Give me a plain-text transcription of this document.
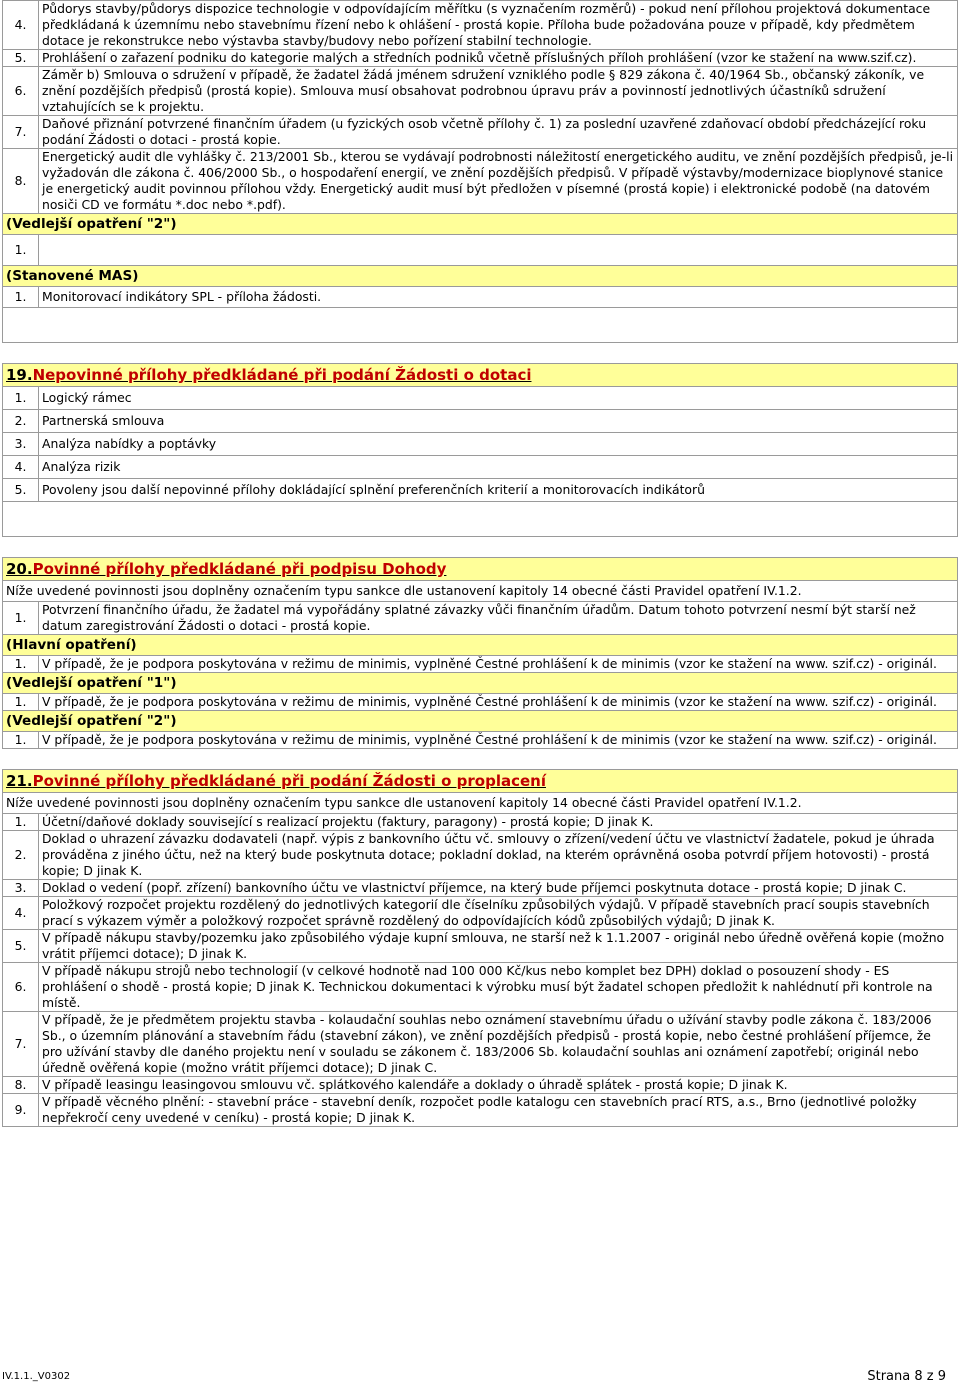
4.	Půdorys stavby/půdorys dispozice technologie v odpovídajícím měřítku (s vyznačením rozměrů) - pokud není přílohou projektová dokumentace předkládaná k územnímu nebo stavebnímu řízení nebo k ohlášení - prostá kopie. Příloha bude požadována pouze v případě, kdy předmětem dotace je rekonstrukce nebo výstavba stavby/budovy nebo pořízení stabilní technologie.
5.	Prohlášení o zařazení podniku do kategorie malých a středních podniků včetně příslušných příloh prohlášení (vzor ke stažení na www.szif.cz).
6.	Záměr b) Smlouva o sdružení v případě, že žadatel žádá jménem sdružení vzniklého podle § 829 zákona č. 40/1964 Sb., občanský zákoník, ve znění pozdějších předpisů (prostá kopie). Smlouva musí obsahovat podrobnou úpravu práv a povinností jednotlivých účastníků sdružení vztahujících se k projektu.
7.	Daňové přiznání potvrzené finančním úřadem (u fyzických osob včetně přílohy č. 1) za poslední uzavřené zdaňovací období předcházející roku podání Žádosti o dotaci - prostá kopie.
8.	Energetický audit dle vyhlášky č. 213/2001 Sb., kterou se vydávají podrobnosti náležitostí energetického auditu, ve znění pozdějších předpisů, je-li vyžadován dle zákona č. 406/2000 Sb., o hospodaření energií, ve znění pozdějších předpisů. V případě výstavby/modernizace bioplynové stanice je energetický audit povinnou přílohou vždy. Energetický audit musí být předložen v písemné (prostá kopie) i elektronické podobě (na datovém nosiči CD ve formátu *.doc nebo *.pdf).
(Vedlejší opatření "2")	
1.	
(Stanovené MAS)	
1.	Monitorovací indikátory SPL - příloha žádosti.

19.Nepovinné přílohy předkládané při podání Žádosti o dotaci	
1.	Logický rámec
2.	Partnerská smlouva
3.	Analýza nabídky a poptávky
4.	Analýza rizik
5.	Povoleny jsou další nepovinné přílohy dokládající splnění preferenčních kriterií a monitorovacích indikátorů

20.Povinné přílohy předkládané při podpisu Dohody	
Níže uvedené povinnosti jsou doplněny označením typu sankce dle ustanovení kapitoly 14 obecné části Pravidel opatření IV.1.2.	
1.	Potvrzení finančního úřadu, že žadatel má vypořádány splatné závazky vůči finančním úřadům. Datum tohoto potvrzení nesmí být starší než datum zaregistrování Žádosti o dotaci - prostá kopie.
(Hlavní opatření)	
1.	V případě, že je podpora poskytována v režimu de minimis, vyplněné Čestné prohlášení k de minimis (vzor ke stažení na www. szif.cz) - originál.
(Vedlejší opatření "1")	
1.	V případě, že je podpora poskytována v režimu de minimis, vyplněné Čestné prohlášení k de minimis (vzor ke stažení na www. szif.cz) - originál.
(Vedlejší opatření "2")	
1.	V případě, že je podpora poskytována v režimu de minimis, vyplněné Čestné prohlášení k de minimis (vzor ke stažení na www. szif.cz) - originál.
21.Povinné přílohy předkládané při podání Žádosti o proplacení	
Níže uvedené povinnosti jsou doplněny označením typu sankce dle ustanovení kapitoly 14 obecné části Pravidel opatření IV.1.2.	
1.	Účetní/daňové doklady související s realizací projektu (faktury, paragony) - prostá kopie; D jinak K.
2.	Doklad o uhrazení závazku dodavateli (např. výpis z bankovního účtu vč. smlouvy o zřízení/vedení účtu ve vlastnictví žadatele, pokud je úhrada prováděna z jiného účtu, než na který bude poskytnuta dotace; pokladní doklad, na kterém oprávněná osoba potvrdí příjem hotovosti) - prostá kopie; D jinak K.
3.	Doklad o vedení (popř. zřízení) bankovního účtu ve vlastnictví příjemce, na který bude příjemci poskytnuta dotace - prostá kopie; D jinak C.
4.	Položkový rozpočet projektu rozdělený do jednotlivých kategorií dle číselníku způsobilých výdajů. V případě stavebních prací soupis stavebních prací s výkazem výměr a položkový rozpočet správně rozdělený do odpovídajících kódů způsobilých výdajů; D jinak K.
5.	V případě nákupu stavby/pozemku jako způsobilého výdaje kupní smlouva, ne starší než k 1.1.2007 - originál nebo úředně ověřená kopie (možno vrátit příjemci dotace); D jinak K.
6.	V případě nákupu strojů nebo technologií (v celkové hodnotě nad 100 000 Kč/kus nebo komplet bez DPH) doklad o posouzení shody - ES prohlášení o shodě - prostá kopie; D jinak K. Technickou dokumentaci k výrobku musí být žadatel schopen předložit k nahlédnutí při kontrole na místě.
7.	V případě, že je předmětem projektu stavba - kolaudační souhlas nebo oznámení stavebnímu úřadu o užívání stavby podle zákona č. 183/2006 Sb., o územním plánování a stavebním řádu (stavební zákon), ve znění pozdějších předpisů - prostá kopie, nebo čestné prohlášení příjemce, že pro užívání stavby dle daného projektu není v souladu se zákonem č. 183/2006 Sb. kolaudační souhlas ani oznámení zapotřebí; originál nebo úředně ověřená kopie (možno vrátit příjemci dotace); D jinak C.
8.	V případě leasingu leasingovou smlouvu vč. splátkového kalendáře a doklady o úhradě splátek - prostá kopie; D jinak K.
9.	V případě věcného plnění: - stavební práce - stavební deník, rozpočet podle katalogu cen stavebních prací RTS, a.s., Brno (jednotlivé položky nepřekročí ceny uvedené v ceníku) - prostá kopie; D jinak K.
IV.1.1._V0302	Strana 8 z 9
